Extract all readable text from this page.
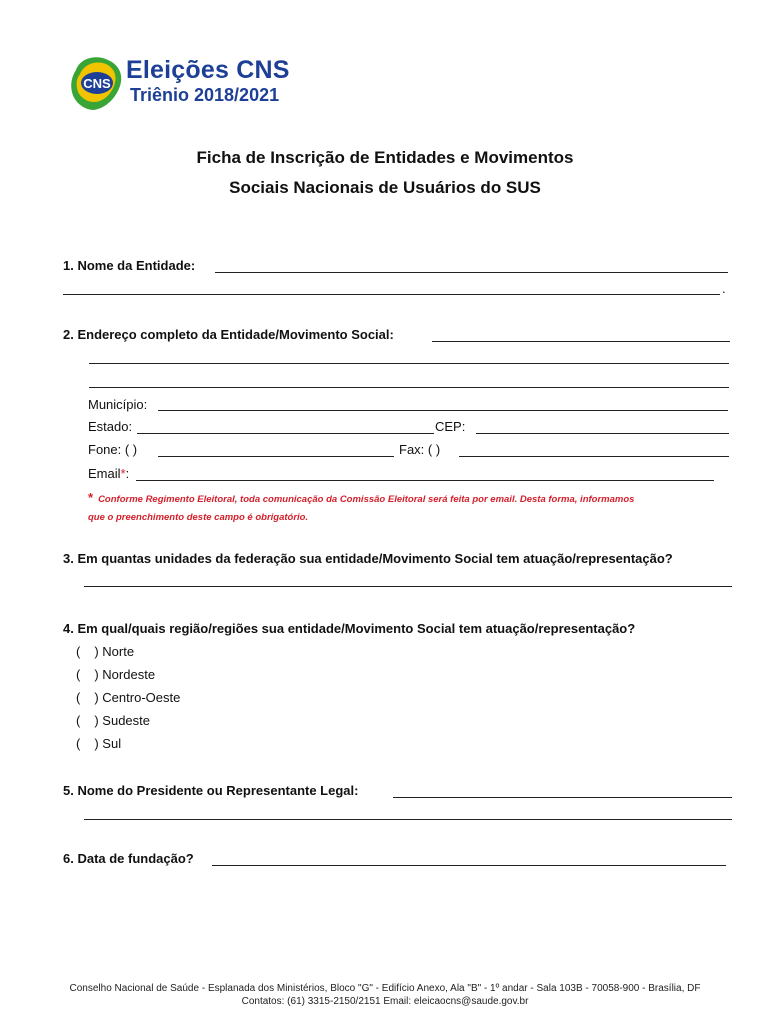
CNS Eleições CNS
Triênio 2018/2021
Ficha de Inscrição de Entidades e Movimentos
Sociais Nacionais de Usuários do SUS
1. Nome da Entidade:
.
2. Endereço completo da Entidade/Movimento Social:
Município:
Estado:	CEP:
Fone: ( )	Fax: ( )
Email*:
* Conforme Regimento Eleitoral, toda comunicação da Comissão Eleitoral será feita por email. Desta forma, informamos
que o preenchimento deste campo é obrigatório.
3. Em quantas unidades da federação sua entidade/Movimento Social tem atuação/representação?
4. Em qual/quais região/regiões sua entidade/Movimento Social tem atuação/representação?
( ) Norte
( ) Nordeste
( ) Centro-Oeste
( ) Sudeste
( ) Sul
5. Nome do Presidente ou Representante Legal:
6. Data de fundação?
Conselho Nacional de Saúde - Esplanada dos Ministérios, Bloco "G" - Edifício Anexo, Ala "B" - 1º andar - Sala 103B - 70058-900 - Brasília, DF
Contatos: (61) 3315-2150/2151 Email: eleicaocns@saude.gov.br
